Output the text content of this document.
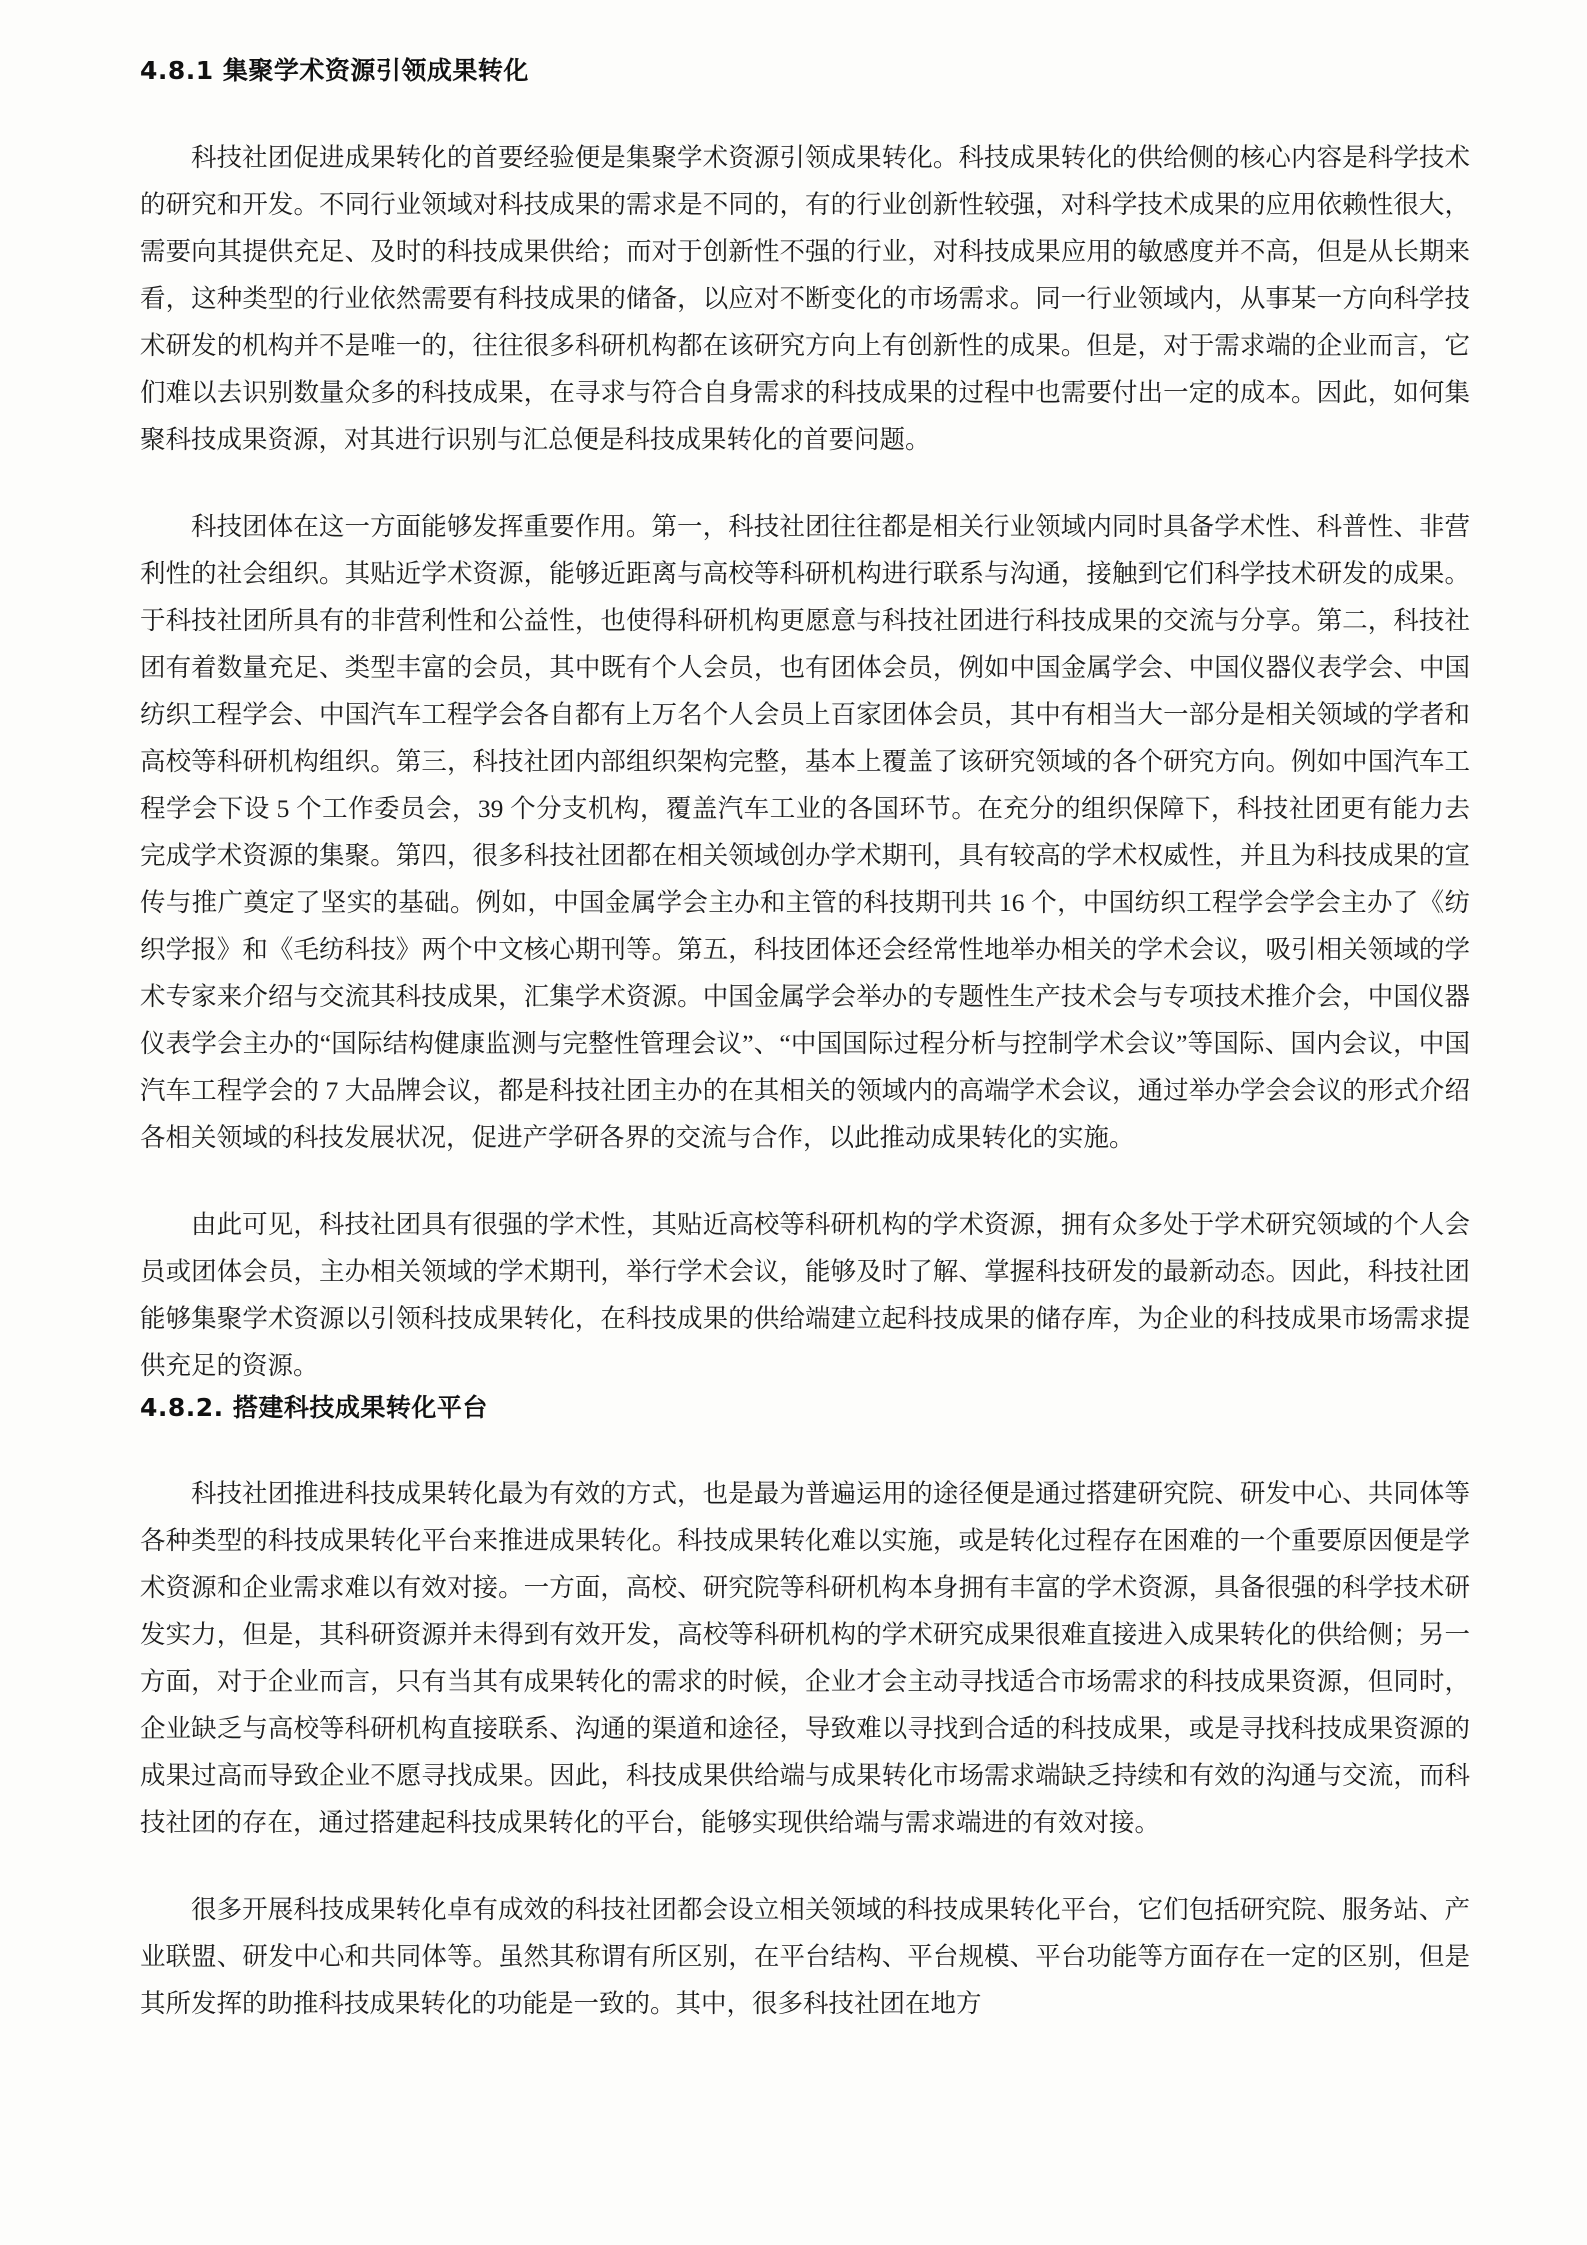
4.8.1 集聚学术资源引领成果转化

科技社团促进成果转化的首要经验便是集聚学术资源引领成果转化。科技成果转化的供给侧的核心内容是科学技术的研究和开发。不同行业领域对科技成果的需求是不同的，有的行业创新性较强，对科学技术成果的应用依赖性很大，需要向其提供充足、及时的科技成果供给；而对于创新性不强的行业，对科技成果应用的敏感度并不高，但是从长期来看，这种类型的行业依然需要有科技成果的储备，以应对不断变化的市场需求。同一行业领域内，从事某一方向科学技术研发的机构并不是唯一的，往往很多科研机构都在该研究方向上有创新性的成果。但是，对于需求端的企业而言，它们难以去识别数量众多的科技成果，在寻求与符合自身需求的科技成果的过程中也需要付出一定的成本。因此，如何集聚科技成果资源，对其进行识别与汇总便是科技成果转化的首要问题。

科技团体在这一方面能够发挥重要作用。第一，科技社团往往都是相关行业领域内同时具备学术性、科普性、非营利性的社会组织。其贴近学术资源，能够近距离与高校等科研机构进行联系与沟通，接触到它们科学技术研发的成果。于科技社团所具有的非营利性和公益性，也使得科研机构更愿意与科技社团进行科技成果的交流与分享。第二，科技社团有着数量充足、类型丰富的会员，其中既有个人会员，也有团体会员，例如中国金属学会、中国仪器仪表学会、中国纺织工程学会、中国汽车工程学会各自都有上万名个人会员上百家团体会员，其中有相当大一部分是相关领域的学者和高校等科研机构组织。第三，科技社团内部组织架构完整，基本上覆盖了该研究领域的各个研究方向。例如中国汽车工程学会下设 5 个工作委员会，39 个分支机构，覆盖汽车工业的各国环节。在充分的组织保障下，科技社团更有能力去完成学术资源的集聚。第四，很多科技社团都在相关领域创办学术期刊，具有较高的学术权威性，并且为科技成果的宣传与推广奠定了坚实的基础。例如，中国金属学会主办和主管的科技期刊共 16 个，中国纺织工程学会学会主办了《纺织学报》和《毛纺科技》两个中文核心期刊等。第五，科技团体还会经常性地举办相关的学术会议，吸引相关领域的学术专家来介绍与交流其科技成果，汇集学术资源。中国金属学会举办的专题性生产技术会与专项技术推介会，中国仪器仪表学会主办的“国际结构健康监测与完整性管理会议”、“中国国际过程分析与控制学术会议”等国际、国内会议，中国汽车工程学会的 7 大品牌会议，都是科技社团主办的在其相关的领域内的高端学术会议，通过举办学会会议的形式介绍各相关领域的科技发展状况，促进产学研各界的交流与合作，以此推动成果转化的实施。

由此可见，科技社团具有很强的学术性，其贴近高校等科研机构的学术资源，拥有众多处于学术研究领域的个人会员或团体会员，主办相关领域的学术期刊，举行学术会议，能够及时了解、掌握科技研发的最新动态。因此，科技社团能够集聚学术资源以引领科技成果转化，在科技成果的供给端建立起科技成果的储存库，为企业的科技成果市场需求提供充足的资源。

4.8.2. 搭建科技成果转化平台

科技社团推进科技成果转化最为有效的方式，也是最为普遍运用的途径便是通过搭建研究院、研发中心、共同体等各种类型的科技成果转化平台来推进成果转化。科技成果转化难以实施，或是转化过程存在困难的一个重要原因便是学术资源和企业需求难以有效对接。一方面，高校、研究院等科研机构本身拥有丰富的学术资源，具备很强的科学技术研发实力，但是，其科研资源并未得到有效开发，高校等科研机构的学术研究成果很难直接进入成果转化的供给侧；另一方面，对于企业而言，只有当其有成果转化的需求的时候，企业才会主动寻找适合市场需求的科技成果资源，但同时，企业缺乏与高校等科研机构直接联系、沟通的渠道和途径，导致难以寻找到合适的科技成果，或是寻找科技成果资源的成果过高而导致企业不愿寻找成果。因此，科技成果供给端与成果转化市场需求端缺乏持续和有效的沟通与交流，而科技社团的存在，通过搭建起科技成果转化的平台，能够实现供给端与需求端进的有效对接。

很多开展科技成果转化卓有成效的科技社团都会设立相关领域的科技成果转化平台，它们包括研究院、服务站、产业联盟、研发中心和共同体等。虽然其称谓有所区别，在平台结构、平台规模、平台功能等方面存在一定的区别，但是其所发挥的助推科技成果转化的功能是一致的。其中，很多科技社团在地方
